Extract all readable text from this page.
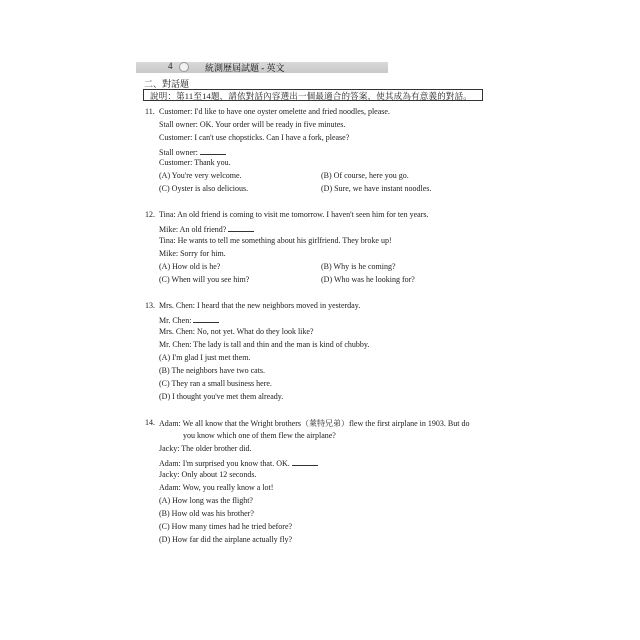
4	統測歷屆試題 - 英文
二、對話題
說明：第11至14題，請依對話內容選出一個最適合的答案，使其成為有意義的對話。
11. Customer: I'd like to have one oyster omelette and fried noodles, please.
Stall owner: OK. Your order will be ready in five minutes.
Customer: I can't use chopsticks. Can I have a fork, please?
Stall owner:
Customer: Thank you.
(A) You're very welcome.	(B) Of course, here you go.
(C) Oyster is also delicious.	(D) Sure, we have instant noodles.
12. Tina: An old friend is coming to visit me tomorrow. I haven't seen him for ten years.
Mike: An old friend?
Tina: He wants to tell me something about his girlfriend. They broke up!
Mike: Sorry for him.
(A) How old is he?	(B) Why is he coming?
(C) When will you see him?	(D) Who was he looking for?
13. Mrs. Chen: I heard that the new neighbors moved in yesterday.
Mr. Chen:
Mrs. Chen: No, not yet. What do they look like?
Mr. Chen: The lady is tall and thin and the man is kind of chubby.
(A) I'm glad I just met them.
(B) The neighbors have two cats.
(C) They ran a small business here.
(D) I thought you've met them already.
14. Adam: We all know that the Wright brothers（萊特兄弟）flew the first airplane in 1903. But do
you know which one of them flew the airplane?
Jacky: The older brother did.
Adam: I'm surprised you know that. OK.
Jacky: Only about 12 seconds.
Adam: Wow, you really know a lot!
(A) How long was the flight?
(B) How old was his brother?
(C) How many times had he tried before?
(D) How far did the airplane actually fly?
